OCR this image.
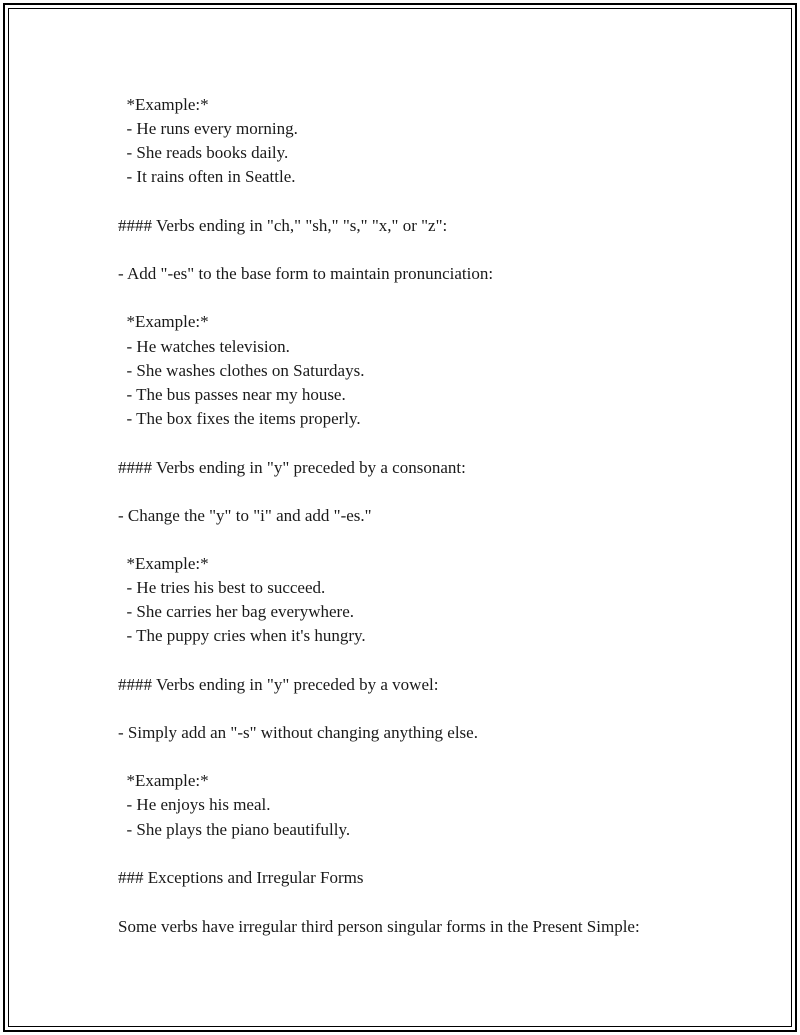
*Example:*
- He runs every morning.
- She reads books daily.
- It rains often in Seattle.
#### Verbs ending in "ch," "sh," "s," "x," or "z":
- Add "-es" to the base form to maintain pronunciation:
*Example:*
- He watches television.
- She washes clothes on Saturdays.
- The bus passes near my house.
- The box fixes the items properly.
#### Verbs ending in "y" preceded by a consonant:
- Change the "y" to "i" and add "-es."
*Example:*
- He tries his best to succeed.
- She carries her bag everywhere.
- The puppy cries when it's hungry.
#### Verbs ending in "y" preceded by a vowel:
- Simply add an "-s" without changing anything else.
*Example:*
- He enjoys his meal.
- She plays the piano beautifully.
### Exceptions and Irregular Forms
Some verbs have irregular third person singular forms in the Present Simple:
